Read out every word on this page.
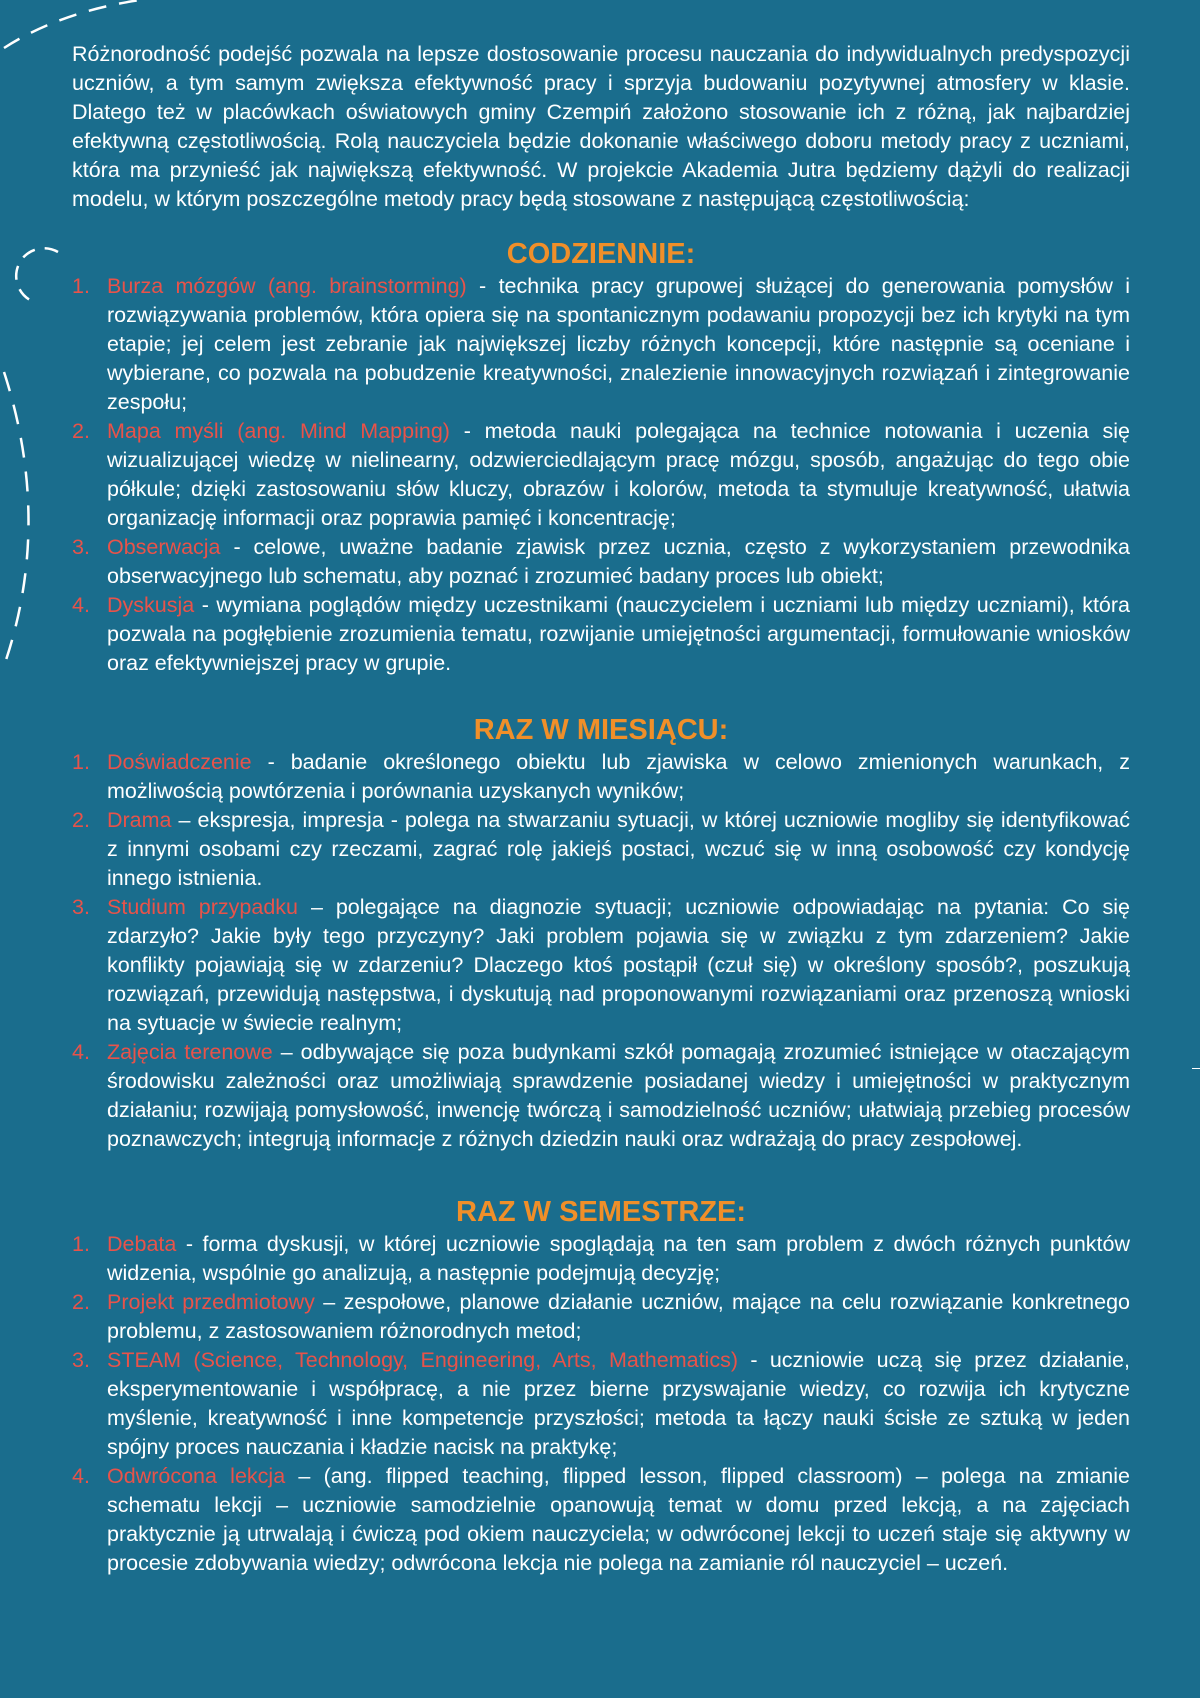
Różnorodność podejść pozwala na lepsze dostosowanie procesu nauczania do indywidualnych predyspozycji uczniów, a tym samym zwiększa efektywność pracy i sprzyja budowaniu pozytywnej atmosfery w klasie. Dlatego też w placówkach oświatowych gminy Czempiń założono stosowanie ich z różną, jak najbardziej efektywną częstotliwością. Rolą nauczyciela będzie dokonanie właściwego doboru metody pracy z uczniami, która ma przynieść jak największą efektywność. W projekcie Akademia Jutra będziemy dążyli do realizacji modelu, w którym poszczególne metody pracy będą stosowane z następującą częstotliwością:

CODZIENNIE:
1. Burza mózgów (ang. brainstorming) - technika pracy grupowej służącej do generowania pomysłów i rozwiązywania problemów, która opiera się na spontanicznym podawaniu propozycji bez ich krytyki na tym etapie; jej celem jest zebranie jak największej liczby różnych koncepcji, które następnie są oceniane i wybierane, co pozwala na pobudzenie kreatywności, znalezienie innowacyjnych rozwiązań i zintegrowanie zespołu;
2. Mapa myśli (ang. Mind Mapping) - metoda nauki polegająca na technice notowania i uczenia się wizualizującej wiedzę w nielinearny, odzwierciedlającym pracę mózgu, sposób, angażując do tego obie półkule; dzięki zastosowaniu słów kluczy, obrazów i kolorów, metoda ta stymuluje kreatywność, ułatwia organizację informacji oraz poprawia pamięć i koncentrację;
3. Obserwacja - celowe, uważne badanie zjawisk przez ucznia, często z wykorzystaniem przewodnika obserwacyjnego lub schematu, aby poznać i zrozumieć badany proces lub obiekt;
4. Dyskusja - wymiana poglądów między uczestnikami (nauczycielem i uczniami lub między uczniami), która pozwala na pogłębienie zrozumienia tematu, rozwijanie umiejętności argumentacji, formułowanie wniosków oraz efektywniejszej pracy w grupie.
RAZ W MIESIĄCU:
1. Doświadczenie - badanie określonego obiektu lub zjawiska w celowo zmienionych warunkach, z możliwością powtórzenia i porównania uzyskanych wyników;
2. Drama – ekspresja, impresja - polega na stwarzaniu sytuacji, w której uczniowie mogliby się identyfikować z innymi osobami czy rzeczami, zagrać rolę jakiejś postaci, wczuć się w inną osobowość czy kondycję innego istnienia.
3. Studium przypadku – polegające na diagnozie sytuacji; uczniowie odpowiadając na pytania: Co się zdarzyło? Jakie były tego przyczyny? Jaki problem pojawia się w związku z tym zdarzeniem? Jakie konflikty pojawiają się w zdarzeniu? Dlaczego ktoś postąpił (czuł się) w określony sposób?, poszukują rozwiązań, przewidują następstwa, i dyskutują nad proponowanymi rozwiązaniami oraz przenoszą wnioski na sytuacje w świecie realnym;
4. Zajęcia terenowe – odbywające się poza budynkami szkół pomagają zrozumieć istniejące w otaczającym środowisku zależności oraz umożliwiają sprawdzenie posiadanej wiedzy i umiejętności w praktycznym działaniu; rozwijają pomysłowość, inwencję twórczą i samodzielność uczniów; ułatwiają przebieg procesów poznawczych; integrują informacje z różnych dziedzin nauki oraz wdrażają do pracy zespołowej.
RAZ W SEMESTRZE:
1. Debata - forma dyskusji, w której uczniowie spoglądają na ten sam problem z dwóch różnych punktów widzenia, wspólnie go analizują, a następnie podejmują decyzję;
2. Projekt przedmiotowy – zespołowe, planowe działanie uczniów, mające na celu rozwiązanie konkretnego problemu, z zastosowaniem różnorodnych metod;
3. STEAM (Science, Technology, Engineering, Arts, Mathematics) - uczniowie uczą się przez działanie, eksperymentowanie i współpracę, a nie przez bierne przyswajanie wiedzy, co rozwija ich krytyczne myślenie, kreatywność i inne kompetencje przyszłości; metoda ta łączy nauki ścisłe ze sztuką w jeden spójny proces nauczania i kładzie nacisk na praktykę;
4. Odwrócona lekcja – (ang. flipped teaching, flipped lesson, flipped classroom) – polega na zmianie schematu lekcji – uczniowie samodzielnie opanowują temat w domu przed lekcją, a na zajęciach praktycznie ją utrwalają i ćwiczą pod okiem nauczyciela; w odwróconej lekcji to uczeń staje się aktywny w procesie zdobywania wiedzy; odwrócona lekcja nie polega na zamianie ról nauczyciel – uczeń.
